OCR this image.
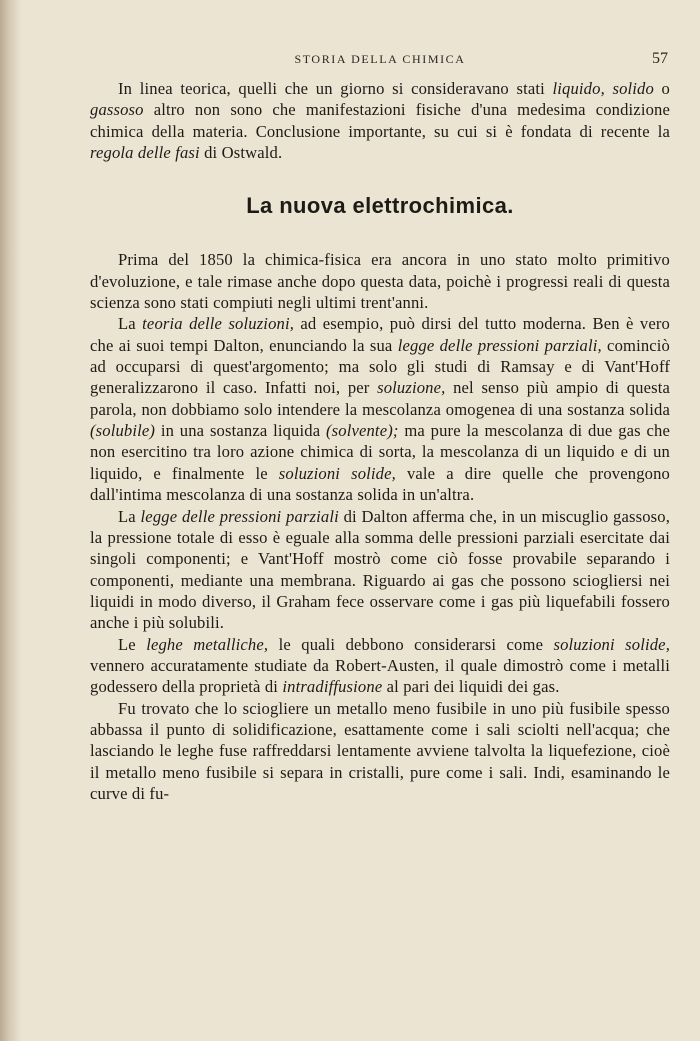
STORIA DELLA CHIMICA	57

In linea teorica, quelli che un giorno si consideravano stati liquido, solido o gassoso altro non sono che manifestazioni fisiche d'una medesima condizione chimica della materia. Conclusione importante, su cui si è fondata di recente la regola delle fasi di Ostwald.

La nuova elettrochimica.

Prima del 1850 la chimica-fisica era ancora in uno stato molto primitivo d'evoluzione, e tale rimase anche dopo questa data, poichè i progressi reali di questa scienza sono stati compiuti negli ultimi trent'anni.

La teoria delle soluzioni, ad esempio, può dirsi del tutto moderna. Ben è vero che ai suoi tempi Dalton, enunciando la sua legge delle pressioni parziali, cominciò ad occuparsi di quest'argomento; ma solo gli studi di Ramsay e di Vant'Hoff generalizzarono il caso. Infatti noi, per soluzione, nel senso più ampio di questa parola, non dobbiamo solo intendere la mescolanza omogenea di una sostanza solida (solubile) in una sostanza liquida (solvente); ma pure la mescolanza di due gas che non esercitino tra loro azione chimica di sorta, la mescolanza di un liquido e di un liquido, e finalmente le soluzioni solide, vale a dire quelle che provengono dall'intima mescolanza di una sostanza solida in un'altra.

La legge delle pressioni parziali di Dalton afferma che, in un miscuglio gassoso, la pressione totale di esso è eguale alla somma delle pressioni parziali esercitate dai singoli componenti; e Vant'Hoff mostrò come ciò fosse provabile separando i componenti, mediante una membrana. Riguardo ai gas che possono sciogliersi nei liquidi in modo diverso, il Graham fece osservare come i gas più liquefabili fossero anche i più solubili.

Le leghe metalliche, le quali debbono considerarsi come soluzioni solide, vennero accuratamente studiate da Robert-Austen, il quale dimostrò come i metalli godessero della proprietà di intradiffusione al pari dei liquidi dei gas.

Fu trovato che lo sciogliere un metallo meno fusibile in uno più fusibile spesso abbassa il punto di solidificazione, esattamente come i sali sciolti nell'acqua; che lasciando le leghe fuse raffreddarsi lentamente avviene talvolta la liquefezione, cioè il metallo meno fusibile si separa in cristalli, pure come i sali. Indi, esaminando le curve di fu-
